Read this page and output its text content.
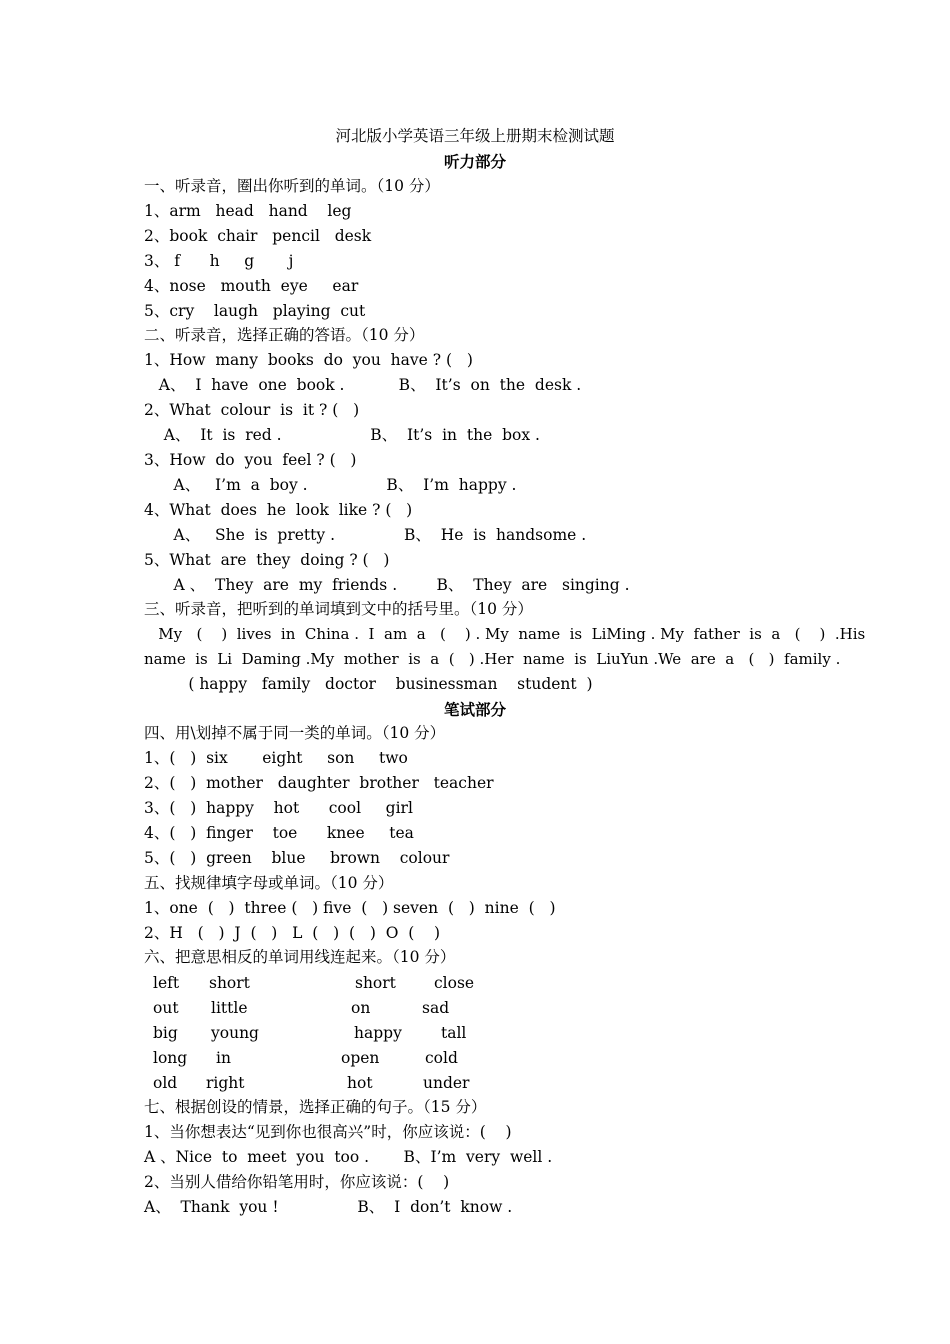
河北版小学英语三年级上册期末检测试题
听力部分
一、听录音，圈出你听到的单词。（10 分）
1、arm   head   hand    leg
2、book  chair   pencil   desk
3、 f      h     g       j
4、nose   mouth  eye     ear
5、cry    laugh   playing  cut
二、听录音，选择正确的答语。（10 分）
1、How  many  books  do  you  have ? (   )
A、  I  have  one  book .           B、  It’s  on  the  desk .
2、What  colour  is  it ? (   )
A、  It  is  red .                  B、  It’s  in  the  box .
3、How  do  you  feel ? (   )
A、   I’m  a  boy .                B、  I’m  happy .
4、What  does  he  look  like ? (   )
A、   She  is  pretty .              B、  He  is  handsome .
5、What  are  they  doing ? (   )
A 、  They  are  my  friends .        B、  They  are   singing .
三、听录音，把听到的单词填到文中的括号里。（10 分）
My   (    )  lives  in  China .  I  am  a   (    ) . My  name  is  LiMing . My  father  is  a   (    )  .His
name  is  Li  Daming .My  mother  is  a  (   ) .Her  name  is  LiuYun .We  are  a   (   )  family .
( happy   family   doctor    businessman    student  )
笔试部分
四、用\划掉不属于同一类的单词。（10 分）
1、(   )  six       eight     son     two
2、(   )  mother   daughter  brother   teacher
3、(   )  happy    hot      cool     girl
4、(   )  finger    toe      knee     tea
5、(   )  green    blue     brown    colour
五、找规律填字母或单词。（10 分）
1、one  (   )  three (   ) five  (   ) seven  (   )  nine  (   )
2、H   (   )  J  (   )   L  (   )  (   )  O  (    )
六、把意思相反的单词用线连起来。（10 分）
left short	short close
out little	on	sad
big young	happy	tall
long in	open	cold
old right	hot	under
七、根据创设的情景，选择正确的句子。（15 分）
1、当你想表达“见到你也很高兴”时，你应该说：(    )
A 、Nice  to  meet  you  too .       B、I’m  very  well .
2、当别人借给你铅笔用时，你应该说：(    )
A、  Thank  you !                B、  I  don’t  know .
